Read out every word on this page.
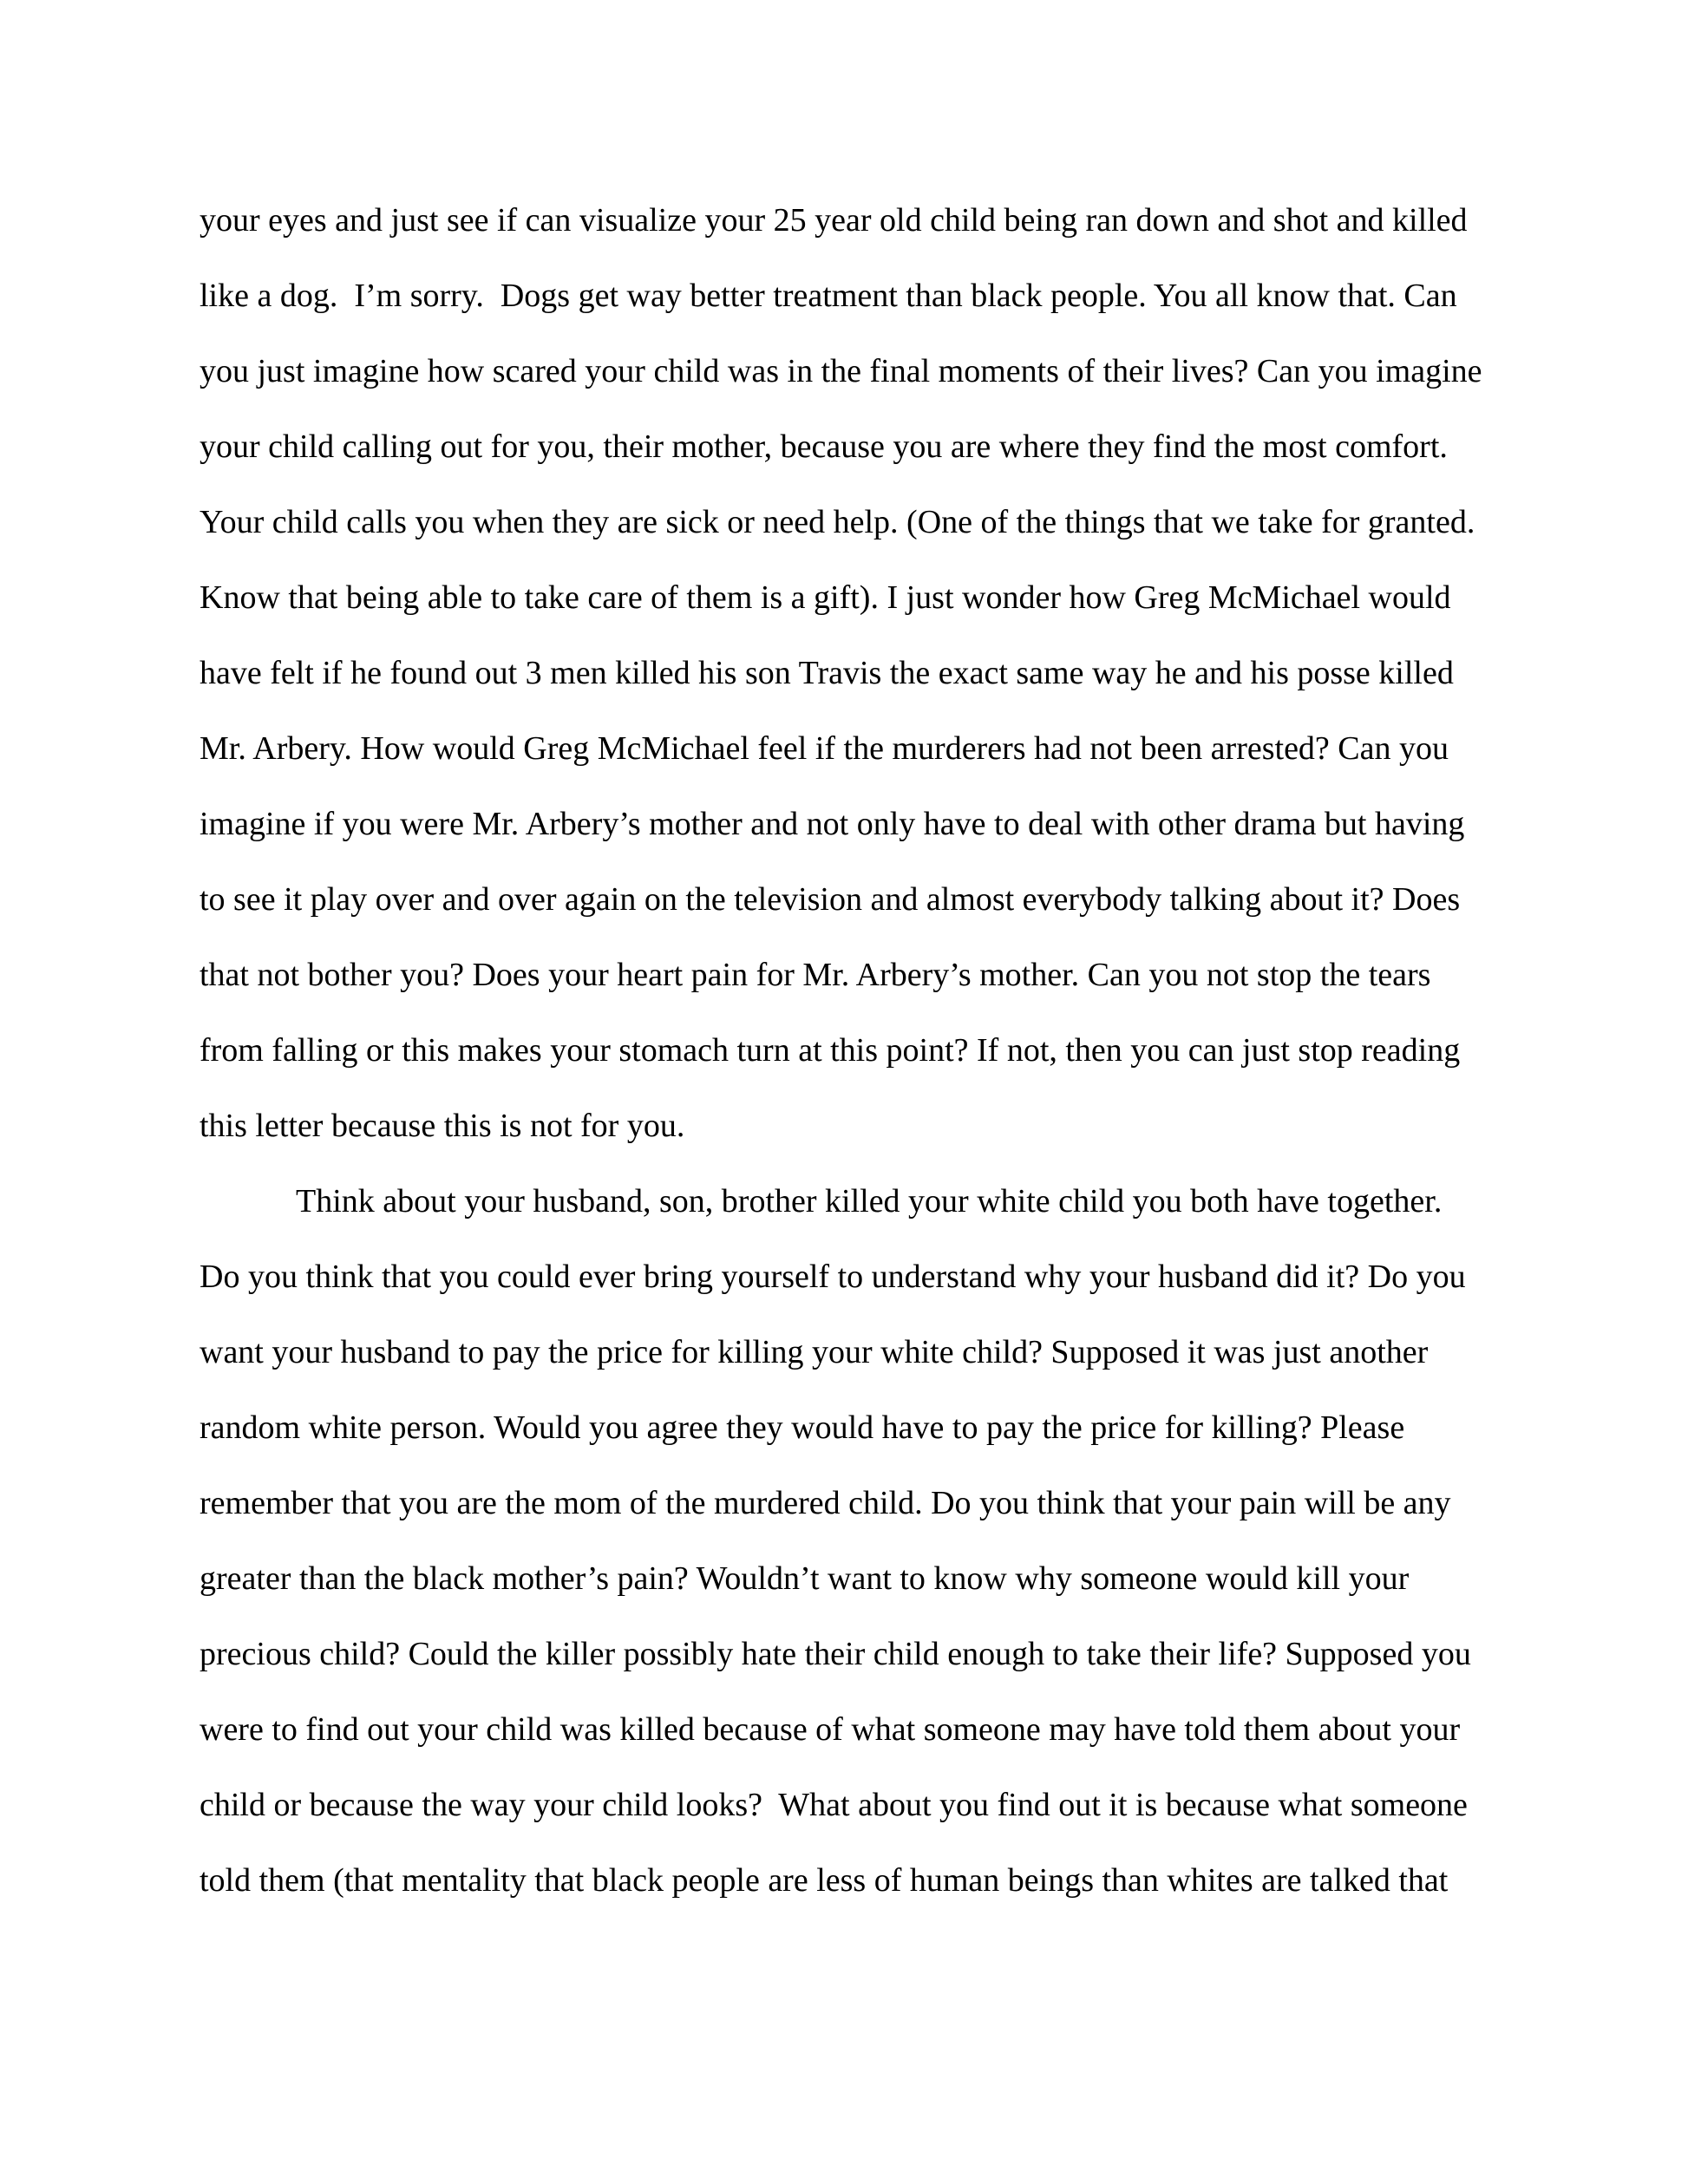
your eyes and just see if can visualize your 25 year old child being ran down and shot and killed
like a dog.  I’m sorry.  Dogs get way better treatment than black people. You all know that. Can
you just imagine how scared your child was in the final moments of their lives? Can you imagine
your child calling out for you, their mother, because you are where they find the most comfort.
Your child calls you when they are sick or need help. (One of the things that we take for granted.
Know that being able to take care of them is a gift). I just wonder how Greg McMichael would
have felt if he found out 3 men killed his son Travis the exact same way he and his posse killed
Mr. Arbery. How would Greg McMichael feel if the murderers had not been arrested? Can you
imagine if you were Mr. Arbery’s mother and not only have to deal with other drama but having
to see it play over and over again on the television and almost everybody talking about it? Does
that not bother you? Does your heart pain for Mr. Arbery’s mother. Can you not stop the tears
from falling or this makes your stomach turn at this point? If not, then you can just stop reading
this letter because this is not for you.
Think about your husband, son, brother killed your white child you both have together.
Do you think that you could ever bring yourself to understand why your husband did it? Do you
want your husband to pay the price for killing your white child? Supposed it was just another
random white person. Would you agree they would have to pay the price for killing? Please
remember that you are the mom of the murdered child. Do you think that your pain will be any
greater than the black mother’s pain? Wouldn’t want to know why someone would kill your
precious child? Could the killer possibly hate their child enough to take their life? Supposed you
were to find out your child was killed because of what someone may have told them about your
child or because the way your child looks?  What about you find out it is because what someone
told them (that mentality that black people are less of human beings than whites are talked that
